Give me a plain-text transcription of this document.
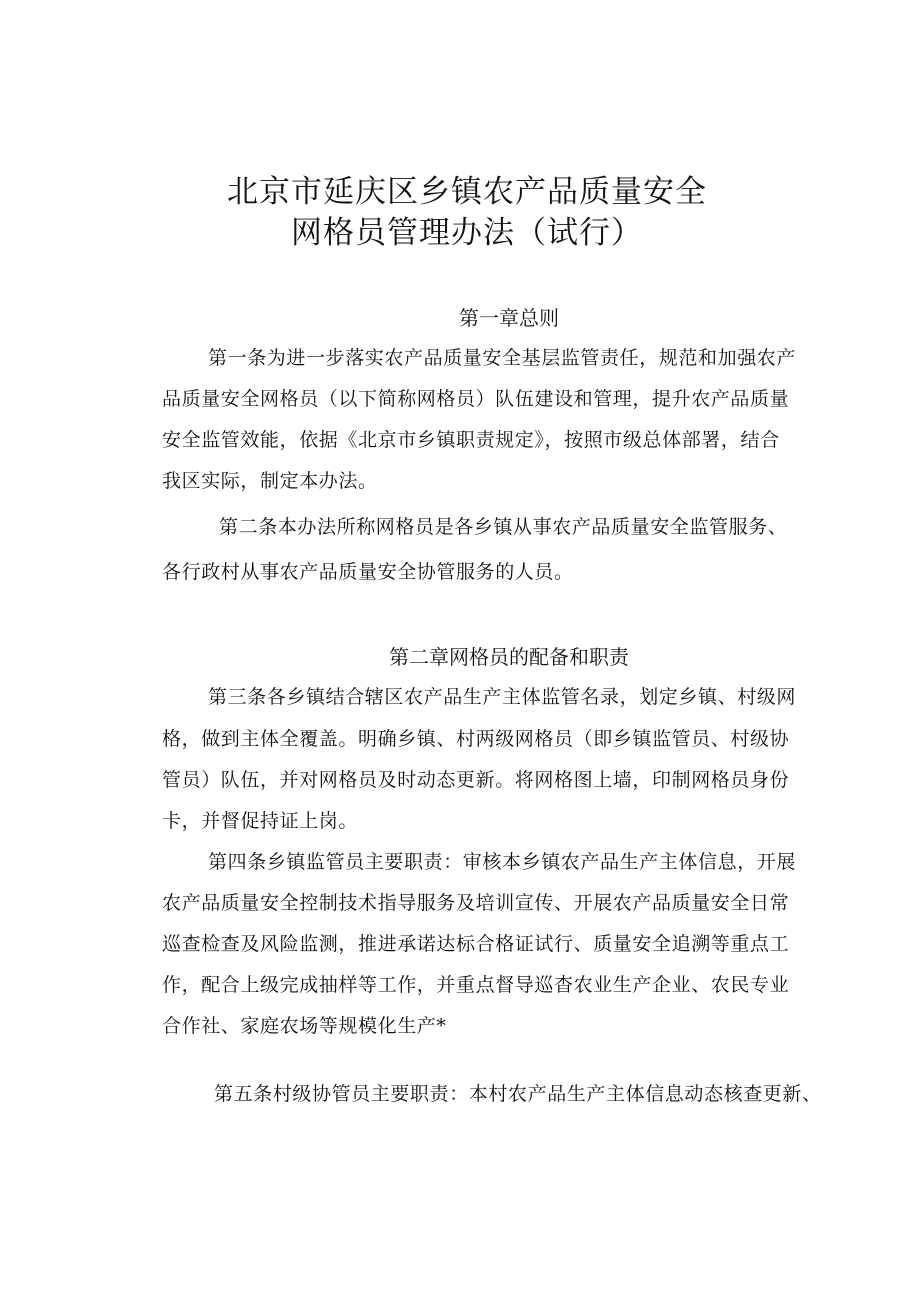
北京市延庆区乡镇农产品质量安全
网格员管理办法（试行）
第一章总则
第一条为进一步落实农产品质量安全基层监管责任，规范和加强农产
品质量安全网格员（以下简称网格员）队伍建设和管理，提升农产品质量
安全监管效能，依据《北京市乡镇职责规定》，按照市级总体部署，结合
我区实际，制定本办法。
第二条本办法所称网格员是各乡镇从事农产品质量安全监管服务、
各行政村从事农产品质量安全协管服务的人员。
第二章网格员的配备和职责
第三条各乡镇结合辖区农产品生产主体监管名录，划定乡镇、村级网
格，做到主体全覆盖。明确乡镇、村两级网格员（即乡镇监管员、村级协
管员）队伍，并对网格员及时动态更新。将网格图上墙，印制网格员身份
卡，并督促持证上岗。
第四条乡镇监管员主要职责：审核本乡镇农产品生产主体信息，开展
农产品质量安全控制技术指导服务及培训宣传、开展农产品质量安全日常
巡查检查及风险监测，推进承诺达标合格证试行、质量安全追溯等重点工
作，配合上级完成抽样等工作，并重点督导巡杳农业生产企业、农民专业
合作社、家庭农场等规模化生产*
第五条村级协管员主要职责：本村农产品生产主体信息动态核查更新、
